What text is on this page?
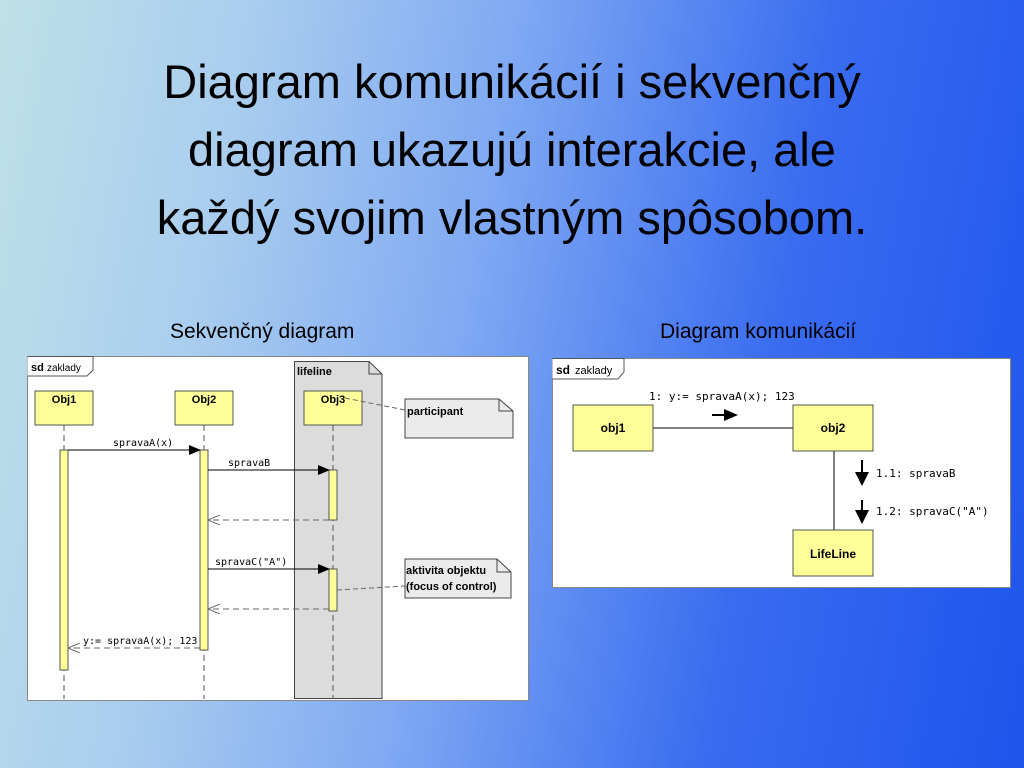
Diagram komunikácií i sekvenčný
diagram ukazujú interakcie, ale
každý svojim vlastným spôsobom.
Sekvenčný diagram	Diagram komunikácií
sd zaklady	lifeline
Obj1	Obj2	Obj3
spravaA(x)
spravaB
spravaC("A")
y:= spravaA(x); 123
participant
aktivita objektu
(focus of control)
sd zaklady
obj1	obj2
LifeLine
1: y:= spravaA(x); 123
1.1: spravaB
1.2: spravaC("A")
